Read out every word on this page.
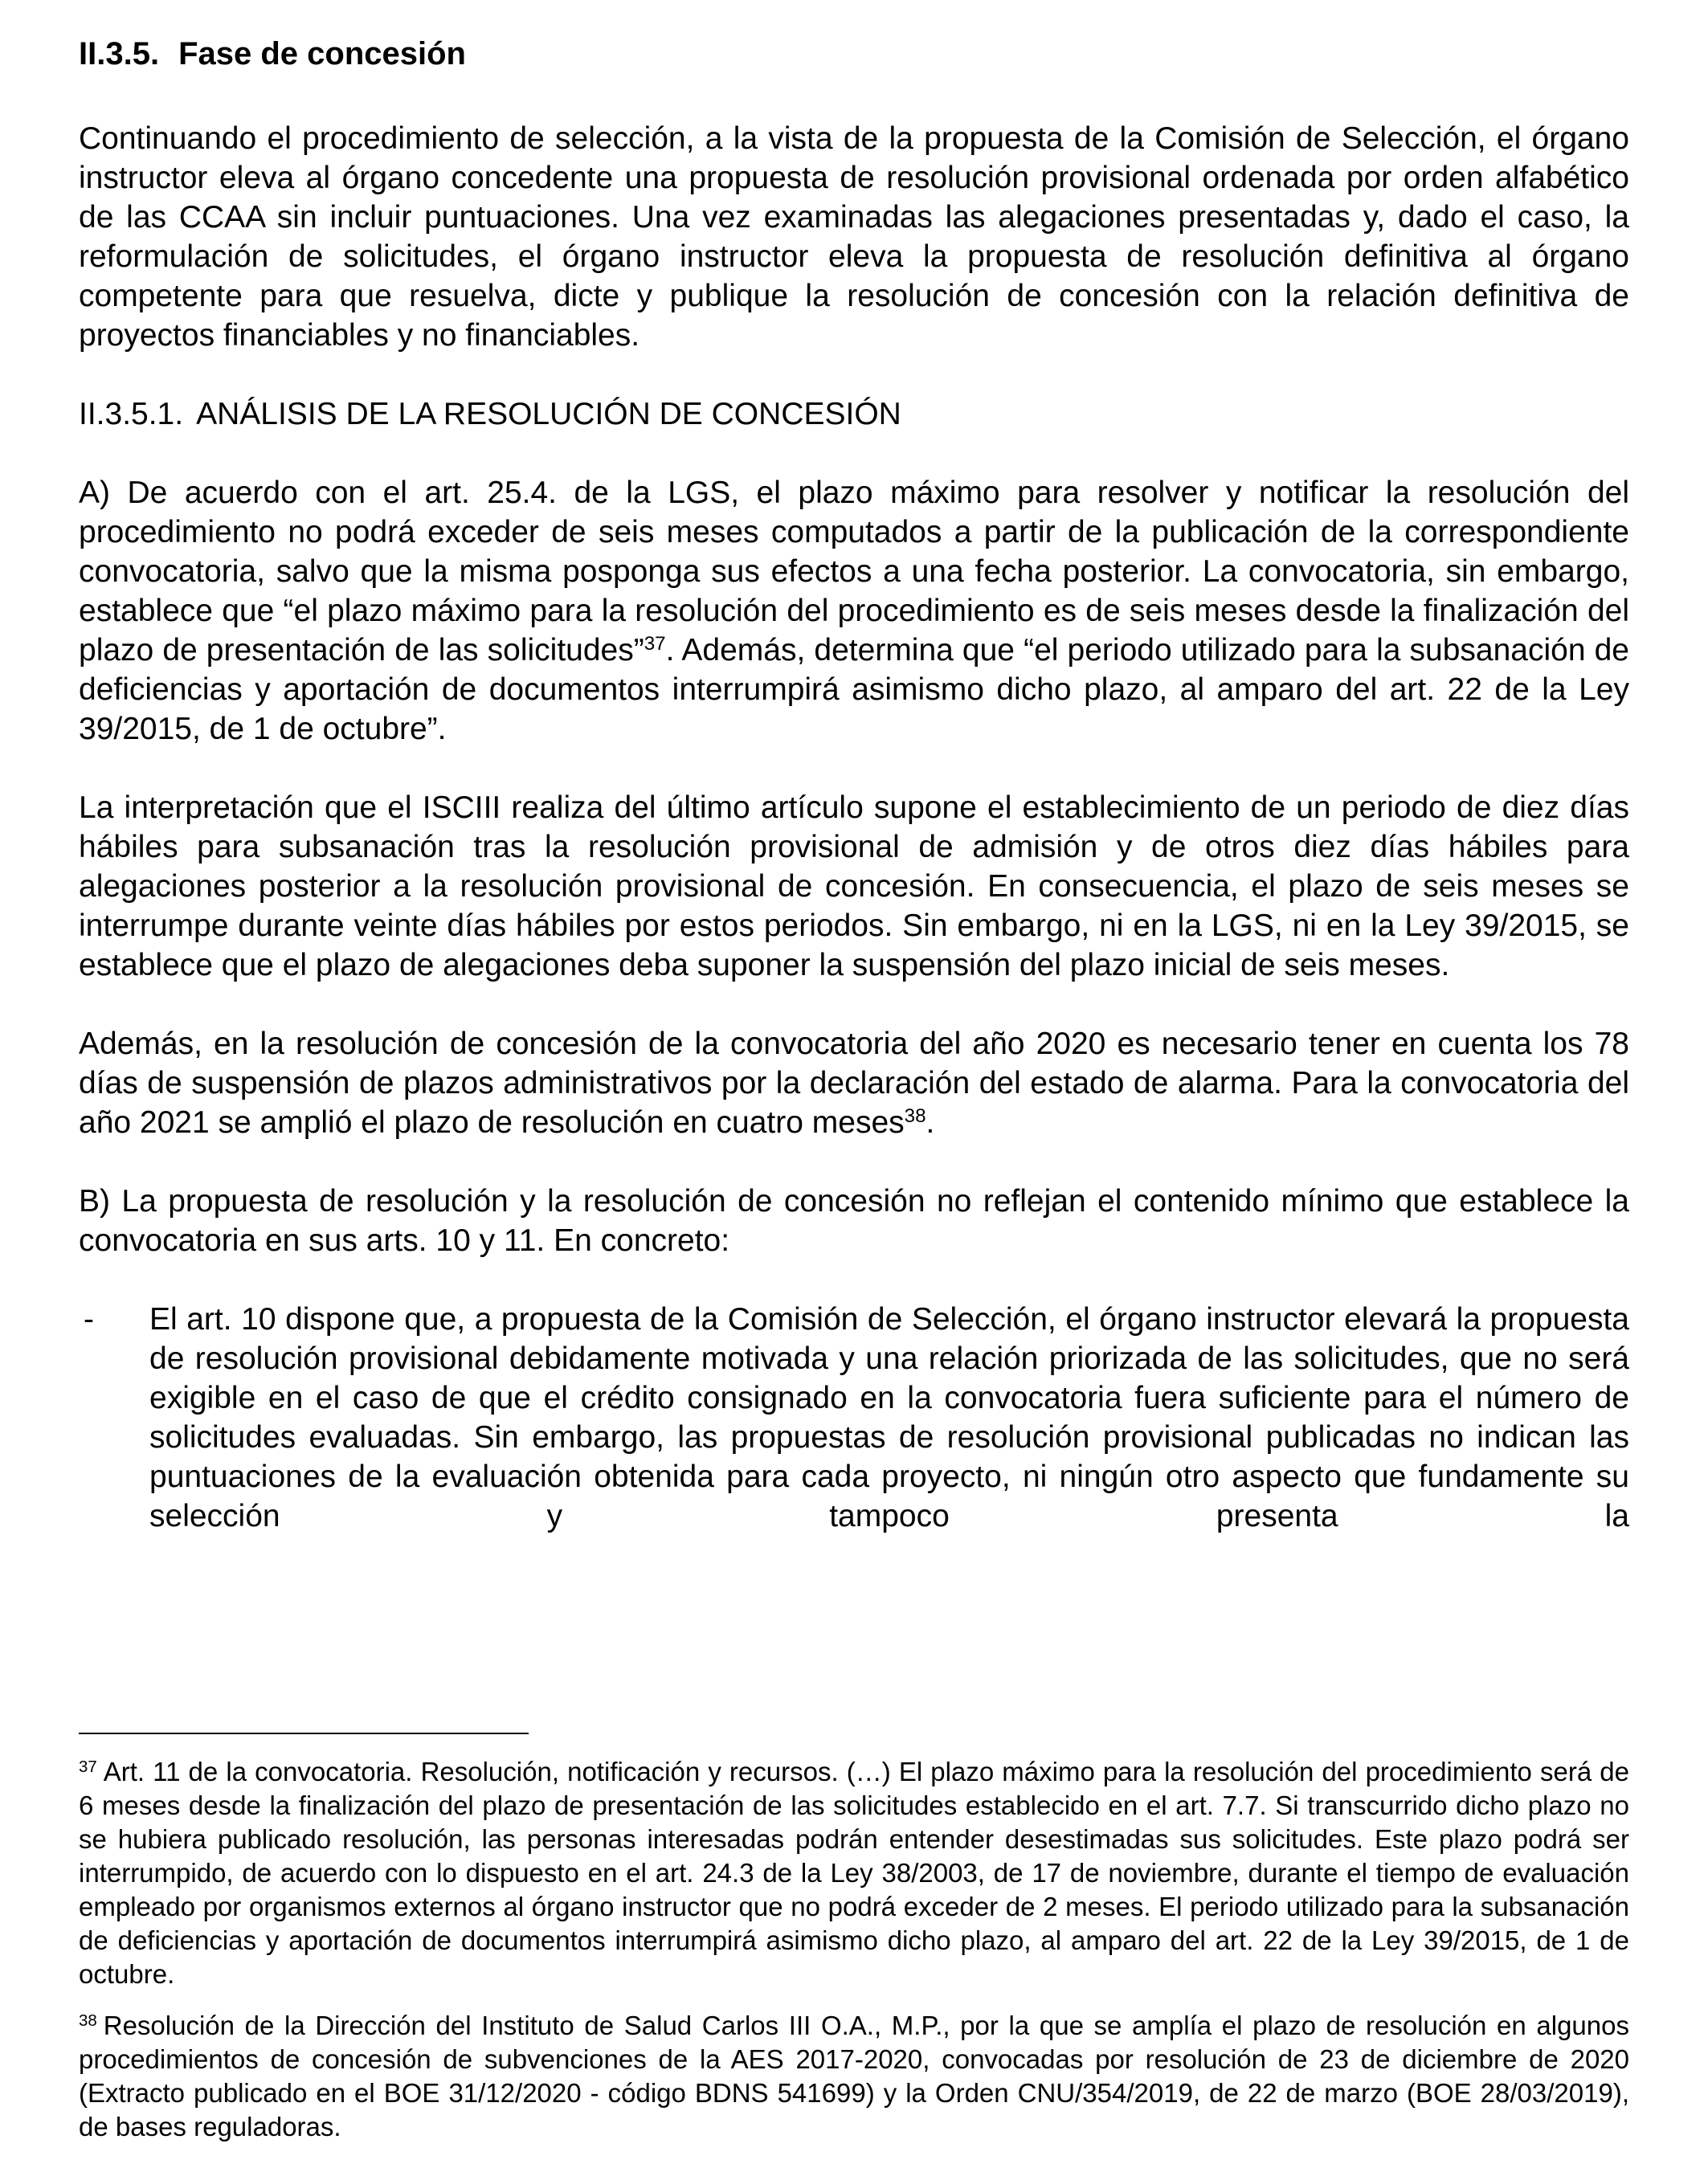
II.3.5. Fase de concesión

Continuando el procedimiento de selección, a la vista de la propuesta de la Comisión de Selección, el órgano instructor eleva al órgano concedente una propuesta de resolución provisional ordenada por orden alfabético de las CCAA sin incluir puntuaciones. Una vez examinadas las alegaciones presentadas y, dado el caso, la reformulación de solicitudes, el órgano instructor eleva la propuesta de resolución definitiva al órgano competente para que resuelva, dicte y publique la resolución de concesión con la relación definitiva de proyectos financiables y no financiables.

II.3.5.1. ANÁLISIS DE LA RESOLUCIÓN DE CONCESIÓN

A) De acuerdo con el art. 25.4. de la LGS, el plazo máximo para resolver y notificar la resolución del procedimiento no podrá exceder de seis meses computados a partir de la publicación de la correspondiente convocatoria, salvo que la misma posponga sus efectos a una fecha posterior. La convocatoria, sin embargo, establece que “el plazo máximo para la resolución del procedimiento es de seis meses desde la finalización del plazo de presentación de las solicitudes”$^{37}$. Además, determina que “el periodo utilizado para la subsanación de deficiencias y aportación de documentos interrumpirá asimismo dicho plazo, al amparo del art. 22 de la Ley 39/2015, de 1 de octubre”.

La interpretación que el ISCIII realiza del último artículo supone el establecimiento de un periodo de diez días hábiles para subsanación tras la resolución provisional de admisión y de otros diez días hábiles para alegaciones posterior a la resolución provisional de concesión. En consecuencia, el plazo de seis meses se interrumpe durante veinte días hábiles por estos periodos. Sin embargo, ni en la LGS, ni en la Ley 39/2015, se establece que el plazo de alegaciones deba suponer la suspensión del plazo inicial de seis meses.

Además, en la resolución de concesión de la convocatoria del año 2020 es necesario tener en cuenta los 78 días de suspensión de plazos administrativos por la declaración del estado de alarma. Para la convocatoria del año 2021 se amplió el plazo de resolución en cuatro meses$^{38}$.

B) La propuesta de resolución y la resolución de concesión no reflejan el contenido mínimo que establece la convocatoria en sus arts. 10 y 11. En concreto:

- El art. 10 dispone que, a propuesta de la Comisión de Selección, el órgano instructor elevará la propuesta de resolución provisional debidamente motivada y una relación priorizada de las solicitudes, que no será exigible en el caso de que el crédito consignado en la convocatoria fuera suficiente para el número de solicitudes evaluadas. Sin embargo, las propuestas de resolución provisional publicadas no indican las puntuaciones de la evaluación obtenida para cada proyecto, ni ningún otro aspecto que fundamente su selección y tampoco presenta la

$^{37}$ Art. 11 de la convocatoria. Resolución, notificación y recursos. (…) El plazo máximo para la resolución del procedimiento será de 6 meses desde la finalización del plazo de presentación de las solicitudes establecido en el art. 7.7. Si transcurrido dicho plazo no se hubiera publicado resolución, las personas interesadas podrán entender desestimadas sus solicitudes. Este plazo podrá ser interrumpido, de acuerdo con lo dispuesto en el art. 24.3 de la Ley 38/2003, de 17 de noviembre, durante el tiempo de evaluación empleado por organismos externos al órgano instructor que no podrá exceder de 2 meses. El periodo utilizado para la subsanación de deficiencias y aportación de documentos interrumpirá asimismo dicho plazo, al amparo del art. 22 de la Ley 39/2015, de 1 de octubre.

$^{38}$ Resolución de la Dirección del Instituto de Salud Carlos III O.A., M.P., por la que se amplía el plazo de resolución en algunos procedimientos de concesión de subvenciones de la AES 2017-2020, convocadas por resolución de 23 de diciembre de 2020 (Extracto publicado en el BOE 31/12/2020 - código BDNS 541699) y la Orden CNU/354/2019, de 22 de marzo (BOE 28/03/2019), de bases reguladoras.
